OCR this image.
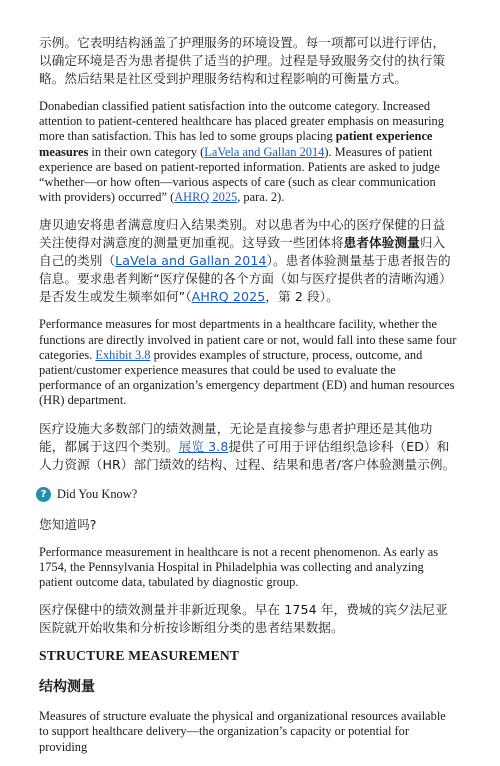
示例。它表明结构涵盖了护理服务的环境设置。每一项都可以进行评估，以确定环境是否为患者提供了适当的护理。过程是导致服务交付的执行策略。然后结果是社区受到护理服务结构和过程影响的可衡量方式。

Donabedian classified patient satisfaction into the outcome category. Increased attention to patient-centered healthcare has placed greater emphasis on measuring more than satisfaction. This has led to some groups placing patient experience measures in their own category (LaVela and Gallan 2014). Measures of patient experience are based on patient-reported information. Patients are asked to judge “whether—or how often—various aspects of care (such as clear communication with providers) occurred” (AHRQ 2025, para. 2).

唐贝迪安将患者满意度归入结果类别。对以患者为中心的医疗保健的日益关注使得对满意度的测量更加重视。这导致一些团体将患者体验测量归入自己的类别（LaVela and Gallan 2014）。患者体验测量基于患者报告的信息。要求患者判断“医疗保健的各个方面（如与医疗提供者的清晰沟通）是否发生或发生频率如何”（AHRQ 2025，第 2 段）。

Performance measures for most departments in a healthcare facility, whether the functions are directly involved in patient care or not, would fall into these same four categories. Exhibit 3.8 provides examples of structure, process, outcome, and patient/customer experience measures that could be used to evaluate the performance of an organization’s emergency department (ED) and human resources (HR) department.

医疗设施大多数部门的绩效测量，无论是直接参与患者护理还是其他功能，都属于这四个类别。展览 3.8提供了可用于评估组织急诊科（ED）和人力资源（HR）部门绩效的结构、过程、结果和患者/客户体验测量示例。

? Did You Know?

您知道吗?

Performance measurement in healthcare is not a recent phenomenon. As early as 1754, the Pennsylvania Hospital in Philadelphia was collecting and analyzing patient outcome data, tabulated by diagnostic group.

医疗保健中的绩效测量并非新近现象。早在 1754 年，费城的宾夕法尼亚医院就开始收集和分析按诊断组分类的患者结果数据。

STRUCTURE MEASUREMENT
结构测量

Measures of structure evaluate the physical and organizational resources available to support healthcare delivery—the organization’s capacity or potential for providing
